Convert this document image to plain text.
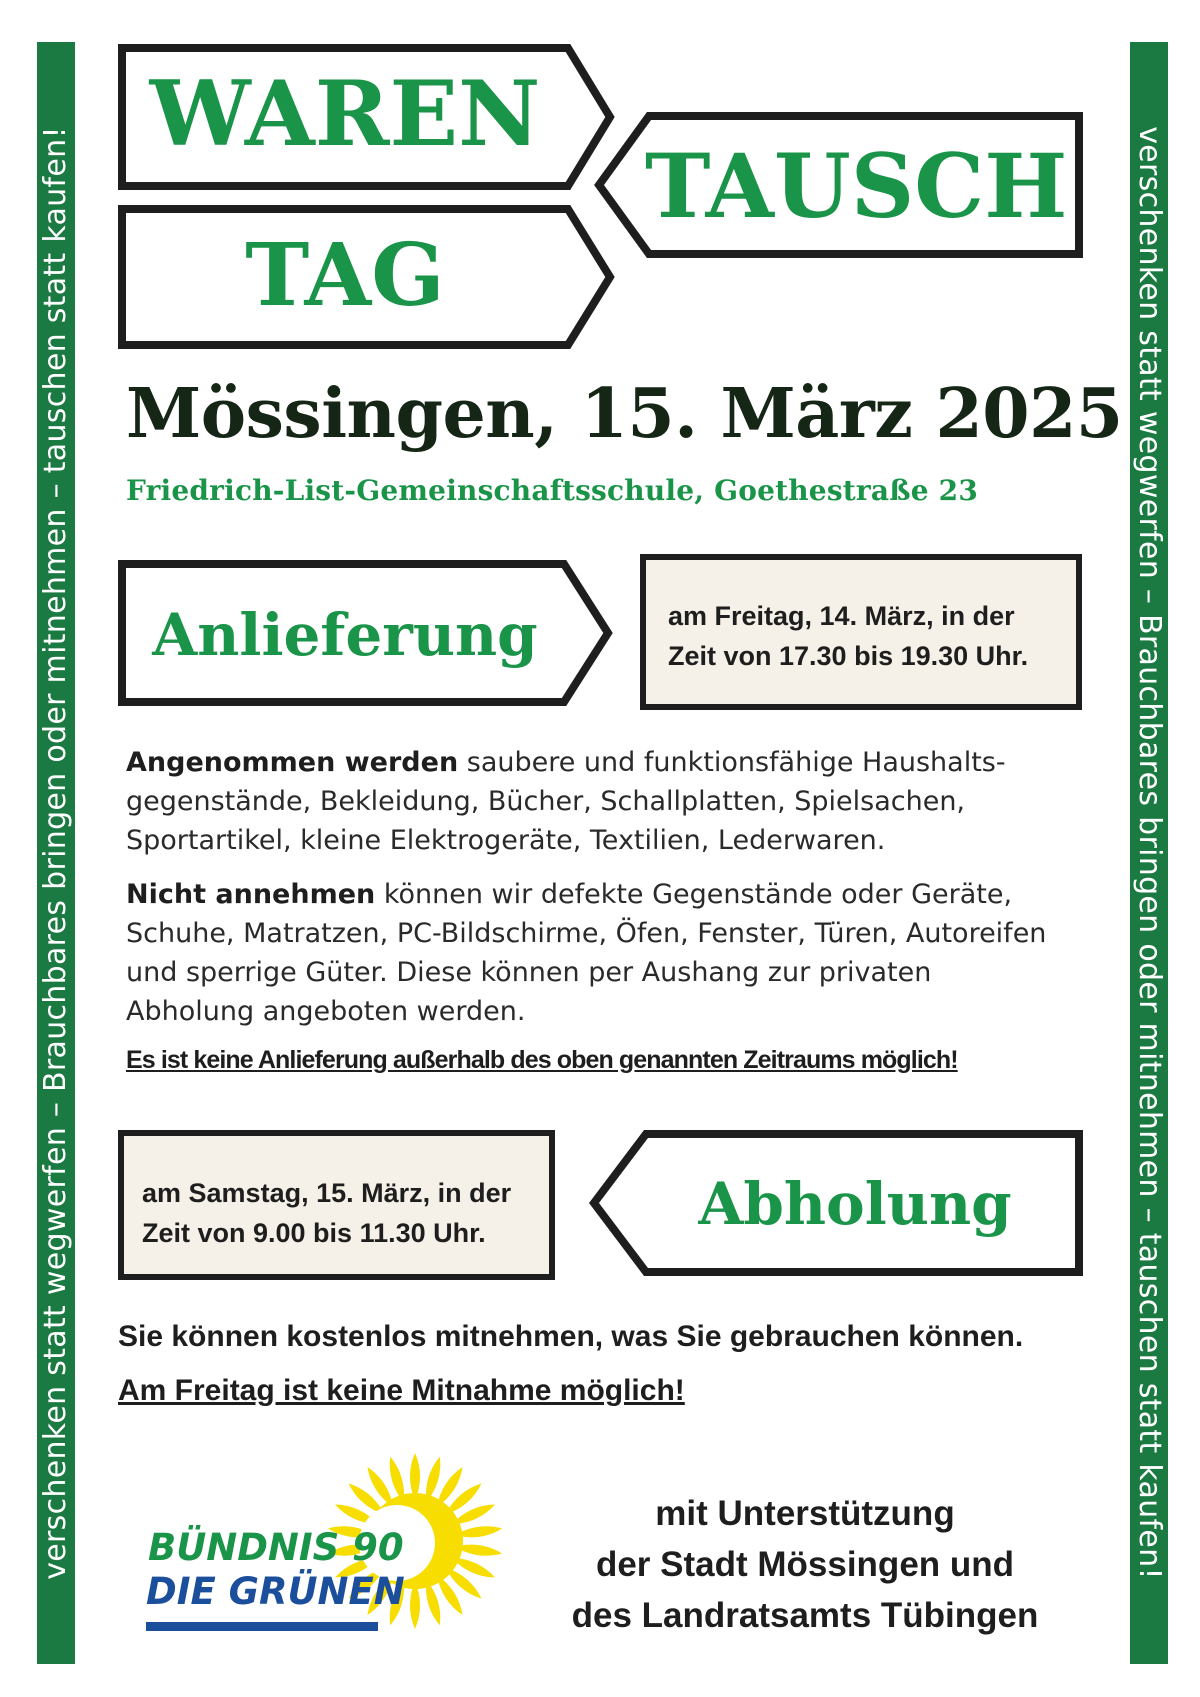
verschenken statt wegwerfen – Brauchbares bringen oder mitnehmen – tauschen statt kaufen!	verschenken statt wegwerfen – Brauchbares bringen oder mitnehmen – tauschen statt kaufen!
WAREN
TAUSCH
TAG
Mössingen, 15. März 2025
Friedrich-List-Gemeinschaftsschule, Goethestraße 23
Anlieferung	am Freitag, 14. März, in der
Zeit von 17.30 bis 19.30 Uhr.
Angenommen werden saubere und funktionsfähige Haushalts-
gegenstände, Bekleidung, Bücher, Schallplatten, Spielsachen,
Sportartikel, kleine Elektrogeräte, Textilien, Lederwaren.
Nicht annehmen können wir defekte Gegenstände oder Geräte,
Schuhe, Matratzen, PC-Bildschirme, Öfen, Fenster, Türen, Autoreifen
und sperrige Güter. Diese können per Aushang zur privaten
Abholung angeboten werden.
Es ist keine Anlieferung außerhalb des oben genannten Zeitraums möglich!
am Samstag, 15. März, in der
Zeit von 9.00 bis 11.30 Uhr.	Abholung
Sie können kostenlos mitnehmen, was Sie gebrauchen können.
Am Freitag ist keine Mitnahme möglich!
BÜNDNIS 90
DIE GRÜNEN
mit Unterstützung
der Stadt Mössingen und
des Landratsamts Tübingen
